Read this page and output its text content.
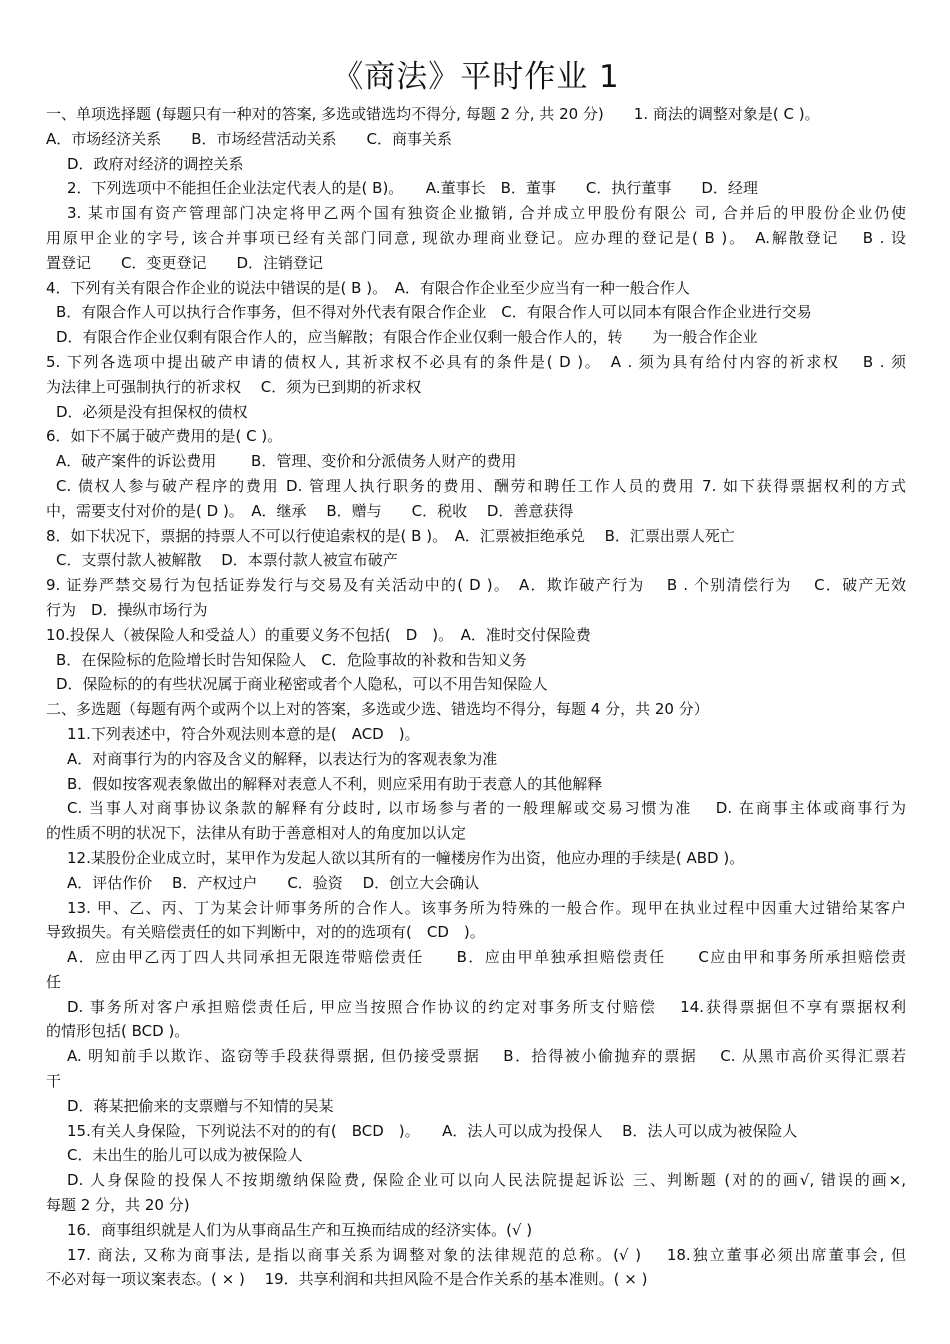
《商法》平时作业 1

一、单项选择题 (每题只有一种对的答案, 多选或错选均不得分, 每题 2 分, 共 20 分)　　1. 商法的调整对象是( C )。

A．市场经济关系　　B．市场经营活动关系　　C．商事关系

D．政府对经济的调控关系

2．下列选项中不能担任企业法定代表人的是( B)。　　A.董事长　B．董事　　C．执行董事　　D．经理

3. 某市国有资产管理部门决定将甲乙两个国有独资企业撤销, 合并成立甲股份有限公 司, 合并后的甲股份企业仍使

用原甲企业的字号, 该合并事项已经有关部门同意, 现欲办理商业登记。应办理的登记是( B )。　A.解散登记　 B . 设

置登记　　C．变更登记　　D．注销登记

4．下列有关有限合作企业的说法中错误的是( B )。　A．有限合作企业至少应当有一种一般合作人

B．有限合作人可以执行合作事务，但不得对外代表有限合作企业　C．有限合作人可以同本有限合作企业进行交易

D．有限合作企业仅剩有限合作人的，应当解散；有限合作企业仅剩一般合作人的，转　　为一般合作企业

5. 下列各选项中提出破产申请的债权人, 其祈求权不必具有的条件是( D )。　A . 须为具有给付内容的祈求权　 B . 须

为法律上可强制执行的祈求权　 C．须为已到期的祈求权

D．必须是没有担保权的债权

6．如下不属于破产费用的是( C )。

A．破产案件的诉讼费用　　 B．管理、变价和分派债务人财产的费用

C. 债权人参与破产程序的费用 D. 管理人执行职务的费用、酬劳和聘任工作人员的费用 7. 如下获得票据权利的方式

中，需要支付对价的是( D )。　A．继承　 B．赠与　　C．税收　 D．善意获得

8．如下状况下，票据的持票人不可以行使追索权的是( B )。　A．汇票被拒绝承兑　 B．汇票出票人死亡

C．支票付款人被解散　 D．本票付款人被宣布破产

9. 证券严禁交易行为包括证券发行与交易及有关活动中的( D )。　A．欺诈破产行为　 B . 个别清偿行为　 C．破产无效

行为　D．操纵市场行为

10.投保人（被保险人和受益人）的重要义务不包括(　D　)。　A．准时交付保险费

B．在保险标的危险增长时告知保险人　C．危险事故的补救和告知义务

D．保险标的的有些状况属于商业秘密或者个人隐私，可以不用告知保险人

二、多选题（每题有两个或两个以上对的答案，多选或少选、错选均不得分，每题 4 分，共 20 分）

11.下列表述中，符合外观法则本意的是(　ACD　)。

A．对商事行为的内容及含义的解释，以表达行为的客观表象为准

B．假如按客观表象做出的解释对表意人不利，则应采用有助于表意人的其他解释

C. 当事人对商事协议条款的解释有分歧时, 以市场参与者的一般理解或交易习惯为准　 D. 在商事主体或商事行为

的性质不明的状况下，法律从有助于善意相对人的角度加以认定

12.某股份企业成立时，某甲作为发起人欲以其所有的一幢楼房作为出资，他应办理的手续是( ABD )。

A．评估作价　 B．产权过户　　C．验资　 D．创立大会确认

13. 甲、乙、丙、丁为某会计师事务所的合作人。该事务所为特殊的一般合作。现甲在执业过程中因重大过错给某客户

导致损失。有关赔偿责任的如下判断中，对的的选项有(　CD　)。

A．应由甲乙丙丁四人共同承担无限连带赔偿责任　　B．应由甲单独承担赔偿责任　　C应由甲和事务所承担赔偿责

任

D. 事务所对客户承担赔偿责任后, 甲应当按照合作协议的约定对事务所支付赔偿　 14.获得票据但不享有票据权利

的情形包括( BCD )。

A. 明知前手以欺诈、盗窃等手段获得票据, 但仍接受票据　 B．拾得被小偷抛弃的票据　 C. 从黑市高价买得汇票若

干

D．蒋某把偷来的支票赠与不知情的吴某

15.有关人身保险，下列说法不对的的有(　BCD　)。　　A．法人可以成为投保人　 B．法人可以成为被保险人

C．未出生的胎儿可以成为被保险人

D. 人身保险的投保人不按期缴纳保险费, 保险企业可以向人民法院提起诉讼 三、判断题 (对的的画√, 错误的画×,

每题 2 分，共 20 分)

16．商事组织就是人们为从事商品生产和互换而结成的经济实体。(√ )

17. 商法, 又称为商事法, 是指以商事关系为调整对象的法律规范的总称。(√ )　 18.独立董事必须出席董事会, 但

不必对每一项议案表态。( × )　 19．共享利润和共担风险不是合作关系的基本准则。( × )
